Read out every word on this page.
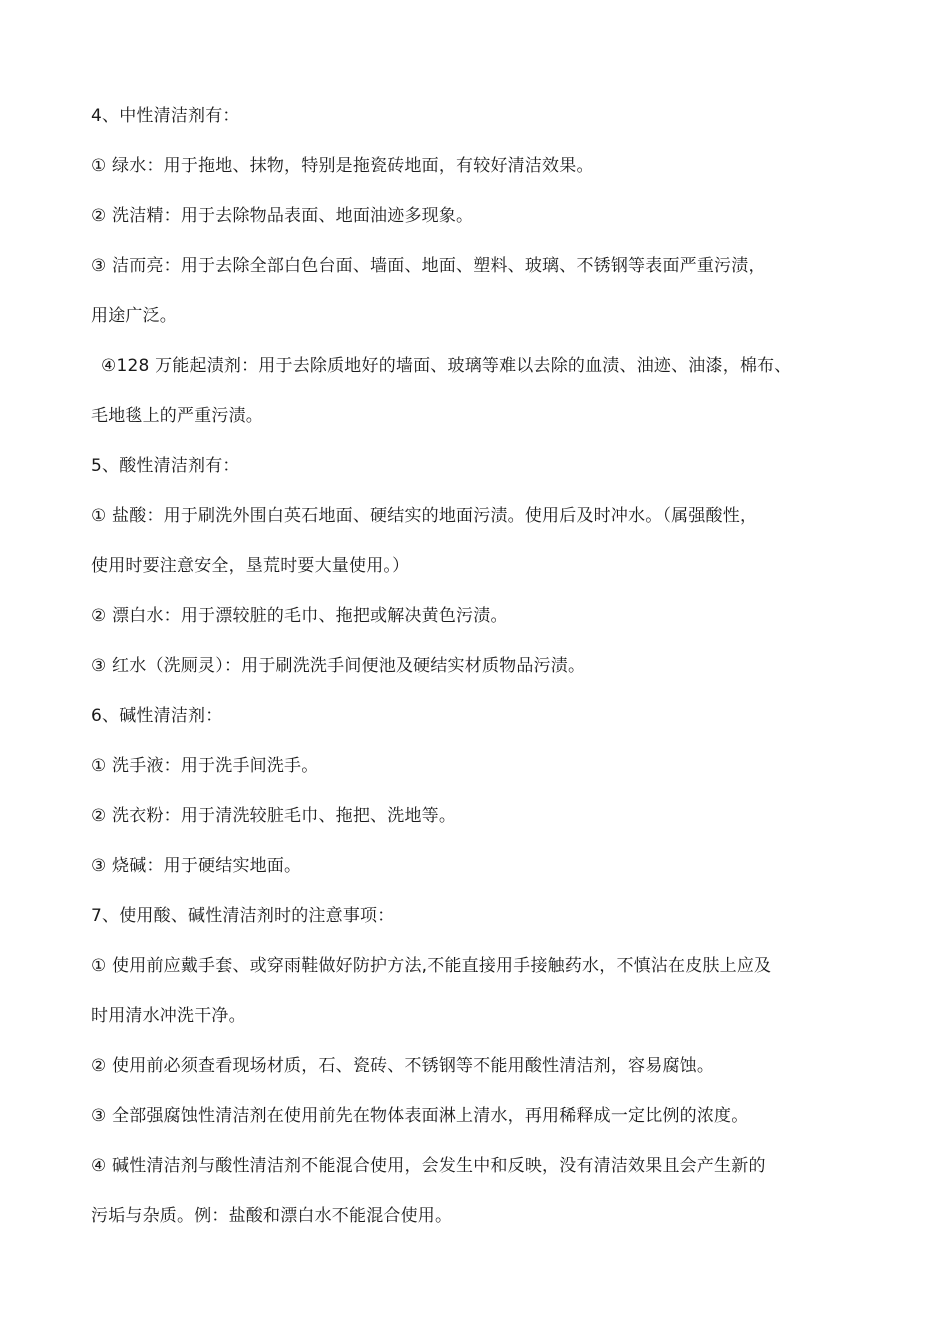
4、中性清洁剂有：
① 绿水：用于拖地、抹物，特别是拖瓷砖地面，有较好清洁效果。
② 洗洁精：用于去除物品表面、地面油迹多现象。
③ 洁而亮：用于去除全部白色台面、墙面、地面、塑料、玻璃、不锈钢等表面严重污渍，
用途广泛。
④128 万能起渍剂：用于去除质地好的墙面、玻璃等难以去除的血渍、油迹、油漆，棉布、
毛地毯上的严重污渍。
5、酸性清洁剂有：
① 盐酸：用于刷洗外围白英石地面、硬结实的地面污渍。使用后及时冲水。（属强酸性，
使用时要注意安全，垦荒时要大量使用。）
② 漂白水：用于漂较脏的毛巾、拖把或解决黄色污渍。
③ 红水（洗厕灵）：用于刷洗洗手间便池及硬结实材质物品污渍。
6、碱性清洁剂：
① 洗手液：用于洗手间洗手。
② 洗衣粉：用于清洗较脏毛巾、拖把、洗地等。
③ 烧碱：用于硬结实地面。
7、使用酸、碱性清洁剂时的注意事项：
① 使用前应戴手套、或穿雨鞋做好防护方法,不能直接用手接触药水，不慎沾在皮肤上应及
时用清水冲洗干净。
② 使用前必须查看现场材质，石、瓷砖、不锈钢等不能用酸性清洁剂，容易腐蚀。
③ 全部强腐蚀性清洁剂在使用前先在物体表面淋上清水，再用稀释成一定比例的浓度。
④ 碱性清洁剂与酸性清洁剂不能混合使用，会发生中和反映，没有清洁效果且会产生新的
污垢与杂质。例：盐酸和漂白水不能混合使用。
